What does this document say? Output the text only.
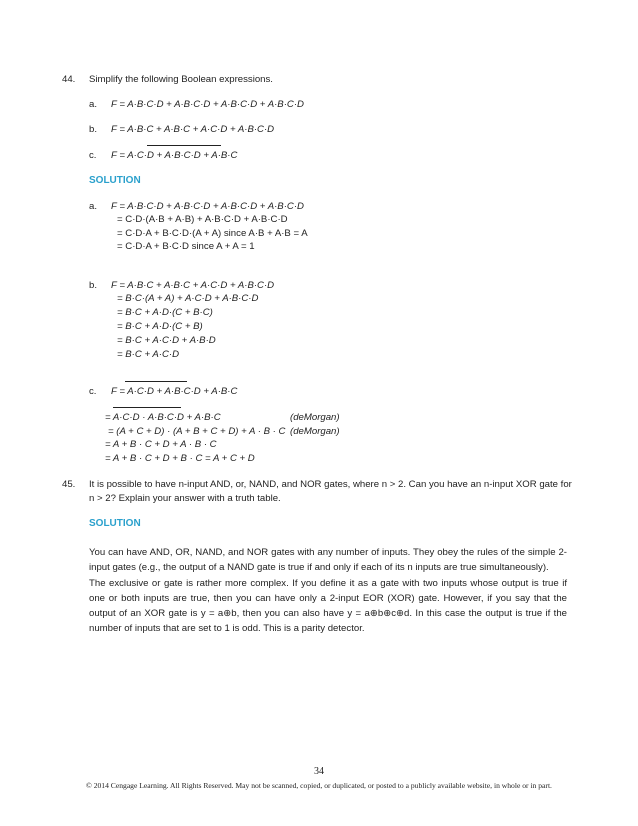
44. Simplify the following Boolean expressions.
a. F = A·B·C·D + A·B·C·D + A·B·C·D + A·B·C·D
b. F = A·B·C + A·B·C + A·C·D + A·B·C·D
c. F = A·C·D + A·B·C·D + A·B·C
SOLUTION
a. F = A·B·C·D + A·B·C·D + A·B·C·D + A·B·C·D
= C·D·(A·B + A·B) + A·B·C·D + A·B·C·D
= C·D·A + B·C·D·(A + A) since A·B + A·B = A
= C·D·A + B·C·D since A + A = 1
b. F = A·B·C + A·B·C + A·C·D + A·B·C·D
= B·C·(A + A) + A·C·D + A·B·C·D
= B·C + A·D·(C + B·C)
= B·C + A·D·(C + B)
= B·C + A·C·D + A·B·D
= B·C + A·C·D
c. F = A·C·D + A·B·C·D + A·B·C
= A·C·D · A·B·C·D + A·B·C	(deMorgan)
= (A + C + D) · (A + B + C + D) + A · B · C (deMorgan)
= A + B · C + D + A · B · C
= A + B · C + D + B · C = A + C + D
45. It is possible to have n-input AND, or, NAND, and NOR gates, where n > 2. Can you have an n-input XOR gate for
n > 2? Explain your answer with a truth table.
SOLUTION

You can have AND, OR, NAND, and NOR gates with any number of inputs. They obey the rules of the simple 2-input gates (e.g., the output of a NAND gate is true if and only if each of its n inputs are true simultaneously).

The exclusive or gate is rather more complex. If you define it as a gate with two inputs whose output is true if one or both inputs are true, then you can have only a 2-input EOR (XOR) gate. However, if you say that the output of an XOR gate is y = a⊕b, then you can also have y = a⊕b⊕c⊕d. In this case the output is true if the number of inputs that are set to 1 is odd. This is a parity detector.

34
© 2014 Cengage Learning. All Rights Reserved. May not be scanned, copied, or duplicated, or posted to a publicly available website, in whole or in part.
